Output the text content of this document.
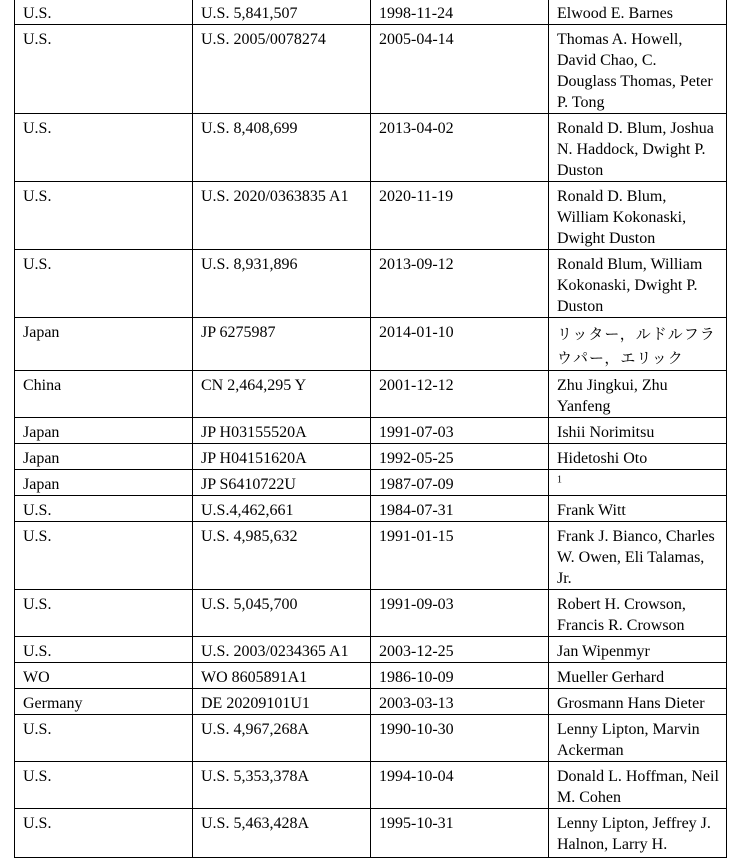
U.S.	U.S. 5,841,507	1998-11-24	Elwood E. Barnes
U.S.	U.S. 2005/0078274	2005-04-14	Thomas A. Howell, David Chao, C. Douglass Thomas, Peter P. Tong
U.S.	U.S. 8,408,699	2013-04-02	Ronald D. Blum, Joshua N. Haddock, Dwight P. Duston
U.S.	U.S. 2020/0363835 A1	2020-11-19	Ronald D. Blum, William Kokonaski, Dwight Duston
U.S.	U.S. 8,931,896	2013-09-12	Ronald Blum, William Kokonaski, Dwight P. Duston
Japan	JP 6275987	2014-01-10	リッター，ルドルフラウパー，エリック
China	CN 2,464,295 Y	2001-12-12	Zhu Jingkui, Zhu Yanfeng
Japan	JP H03155520A	1991-07-03	Ishii Norimitsu
Japan	JP H04151620A	1992-05-25	Hidetoshi Oto
Japan	JP S6410722U	1987-07-09	$^1$
U.S.	U.S.4,462,661	1984-07-31	Frank Witt
U.S.	U.S. 4,985,632	1991-01-15	Frank J. Bianco, Charles W. Owen, Eli Talamas, Jr.
U.S.	U.S. 5,045,700	1991-09-03	Robert H. Crowson, Francis R. Crowson
U.S.	U.S. 2003/0234365 A1	2003-12-25	Jan Wipenmyr
WO	WO 8605891A1	1986-10-09	Mueller Gerhard
Germany	DE 20209101U1	2003-03-13	Grosmann Hans Dieter
U.S.	U.S. 4,967,268A	1990-10-30	Lenny Lipton, Marvin Ackerman
U.S.	U.S. 5,353,378A	1994-10-04	Donald L. Hoffman, Neil M. Cohen
U.S.	U.S. 5,463,428A	1995-10-31	Lenny Lipton, Jeffrey J. Halnon, Larry H.
